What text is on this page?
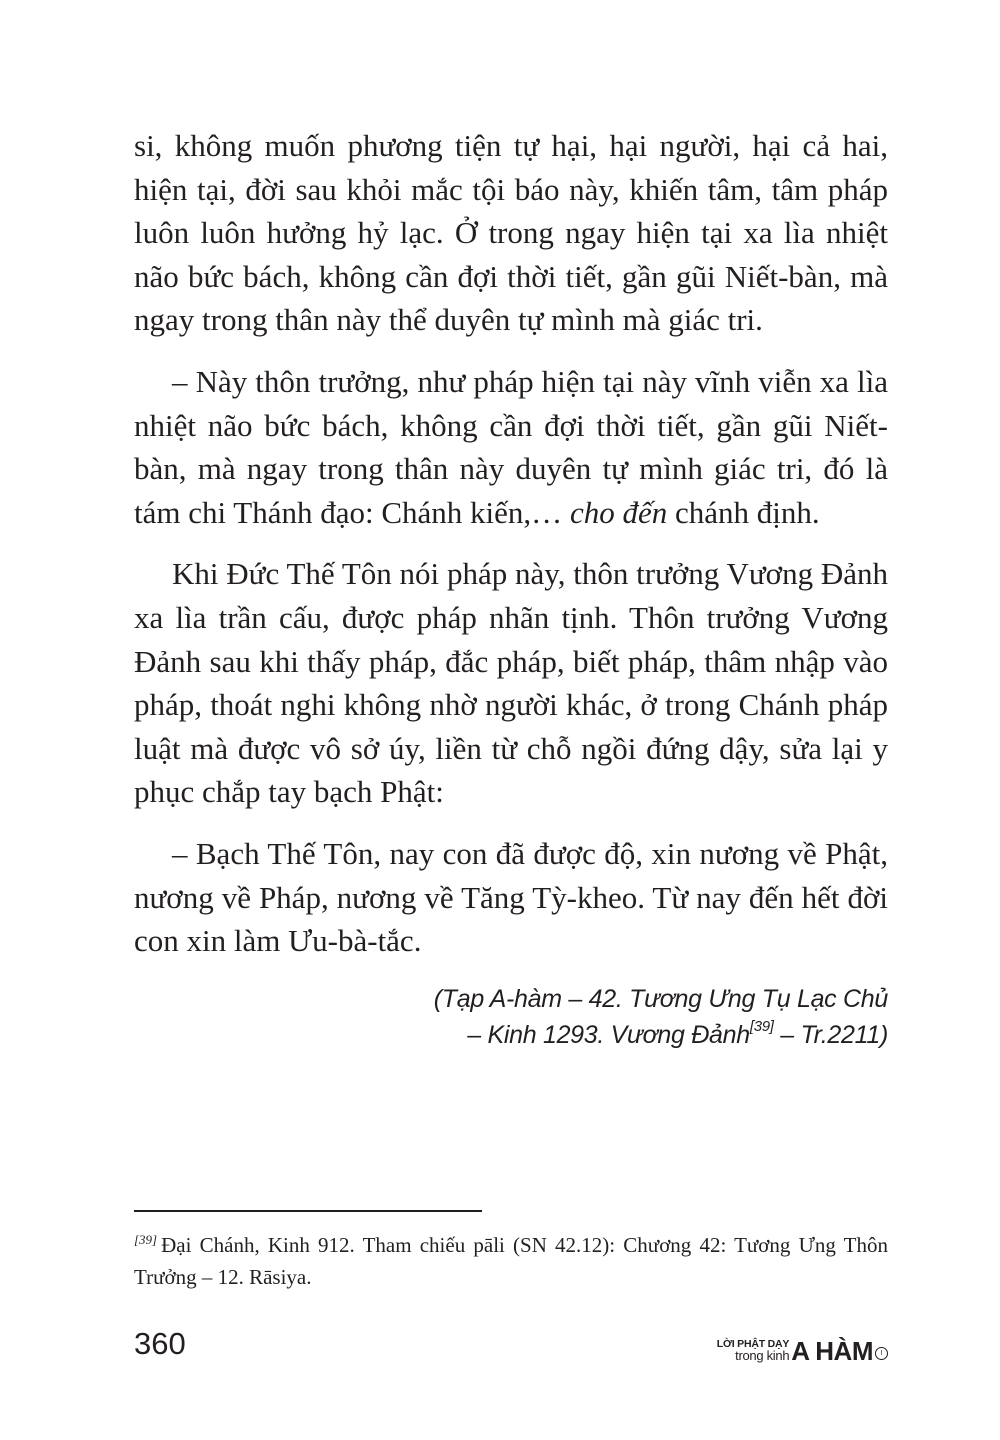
si, không muốn phương tiện tự hại, hại người, hại cả hai, hiện tại, đời sau khỏi mắc tội báo này, khiến tâm, tâm pháp luôn luôn hưởng hỷ lạc. Ở trong ngay hiện tại xa lìa nhiệt não bức bách, không cần đợi thời tiết, gần gũi Niết-bàn, mà ngay trong thân này thể duyên tự mình mà giác tri.

– Này thôn trưởng, như pháp hiện tại này vĩnh viễn xa lìa nhiệt não bức bách, không cần đợi thời tiết, gần gũi Niết-bàn, mà ngay trong thân này duyên tự mình giác tri, đó là tám chi Thánh đạo: Chánh kiến,… cho đến chánh định.

Khi Đức Thế Tôn nói pháp này, thôn trưởng Vương Đảnh xa lìa trần cấu, được pháp nhãn tịnh. Thôn trưởng Vương Đảnh sau khi thấy pháp, đắc pháp, biết pháp, thâm nhập vào pháp, thoát nghi không nhờ người khác, ở trong Chánh pháp luật mà được vô sở úy, liền từ chỗ ngồi đứng dậy, sửa lại y phục chắp tay bạch Phật:

– Bạch Thế Tôn, nay con đã được độ, xin nương về Phật, nương về Pháp, nương về Tăng Tỳ-kheo. Từ nay đến hết đời con xin làm Ưu-bà-tắc.

(Tạp A-hàm – 42. Tương Ưng Tụ Lạc Chủ
– Kinh 1293. Vương Đảnh[39] – Tr.2211)
[39] Đại Chánh, Kinh 912. Tham chiếu pāli (SN 42.12): Chương 42: Tương Ưng Thôn Trưởng – 12. Rāsiya.
360	LỜI PHẬT DẠY
trong kinh A HÀM	I
